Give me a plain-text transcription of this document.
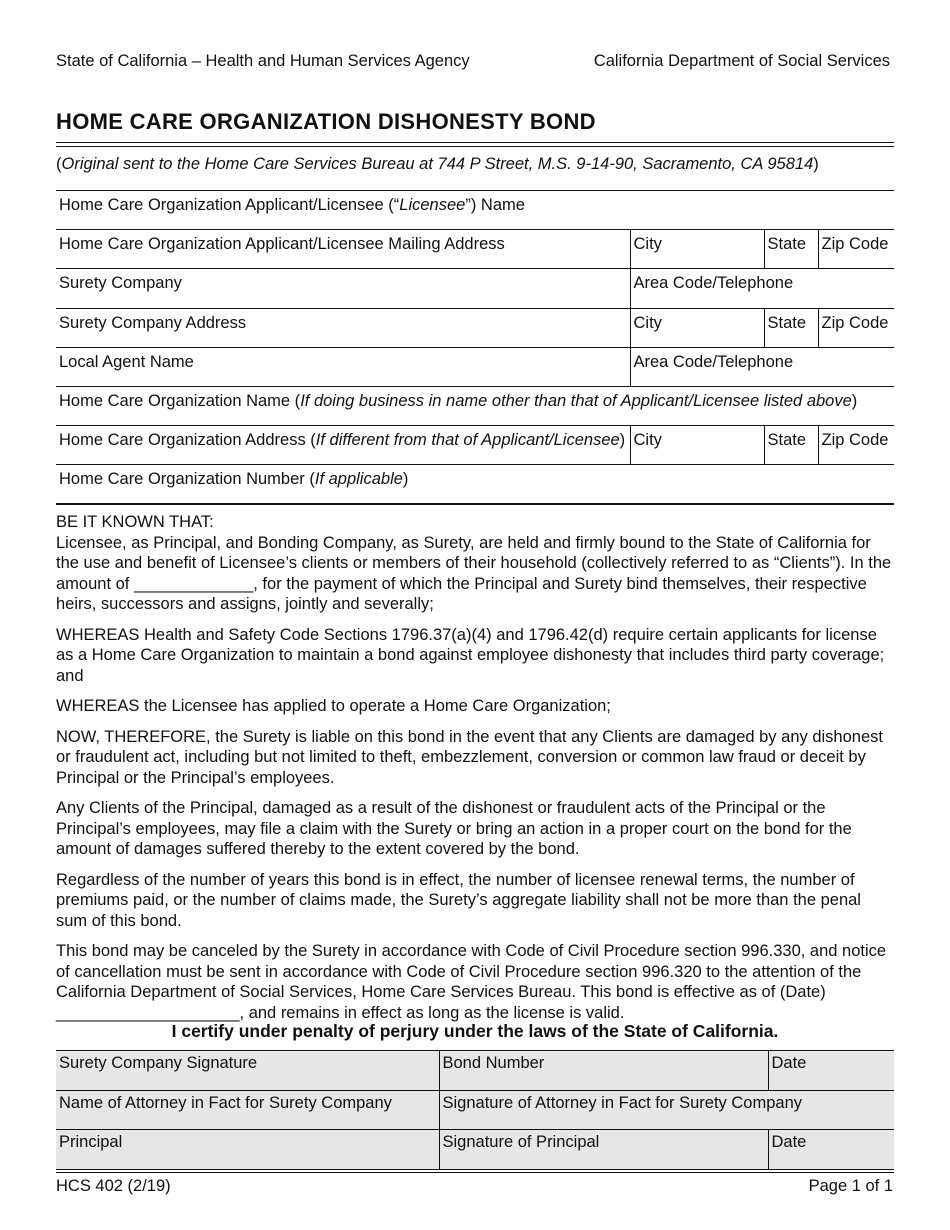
State of California – Health and Human Services Agency	California Department of Social Services
HOME CARE ORGANIZATION DISHONESTY BOND
(Original sent to the Home Care Services Bureau at 744 P Street, M.S. 9-14-90, Sacramento, CA 95814)
Home Care Organization Applicant/Licensee (“Licensee”) Name			
Home Care Organization Applicant/Licensee Mailing Address	City	State	Zip Code
Surety Company	Area Code/Telephone		
Surety Company Address	City	State	Zip Code
Local Agent Name	Area Code/Telephone		
Home Care Organization Name (If doing business in name other than that of Applicant/Licensee listed above)			
Home Care Organization Address (If different from that of Applicant/Licensee)	City	State	Zip Code
Home Care Organization Number (If applicable)			
BE IT KNOWN THAT:

Licensee, as Principal, and Bonding Company, as Surety, are held and firmly bound to the State of California for the use and benefit of Licensee’s clients or members of their household (collectively referred to as “Clients”). In the amount of _____________, for the payment of which the Principal and Surety bind themselves, their respective heirs, successors and assigns, jointly and severally;

WHEREAS Health and Safety Code Sections 1796.37(a)(4) and 1796.42(d) require certain applicants for license as a Home Care Organization to maintain a bond against employee dishonesty that includes third party coverage; and

WHEREAS the Licensee has applied to operate a Home Care Organization;

NOW, THEREFORE, the Surety is liable on this bond in the event that any Clients are damaged by any dishonest or fraudulent act, including but not limited to theft, embezzlement, conversion or common law fraud or deceit by Principal or the Principal’s employees.

Any Clients of the Principal, damaged as a result of the dishonest or fraudulent acts of the Principal or the Principal’s employees, may file a claim with the Surety or bring an action in a proper court on the bond for the amount of damages suffered thereby to the extent covered by the bond.

Regardless of the number of years this bond is in effect, the number of licensee renewal terms, the number of premiums paid, or the number of claims made, the Surety’s aggregate liability shall not be more than the penal sum of this bond.

This bond may be canceled by the Surety in accordance with Code of Civil Procedure section 996.330, and notice of cancellation must be sent in accordance with Code of Civil Procedure section 996.320 to the attention of the California Department of Social Services, Home Care Services Bureau. This bond is effective as of (Date) ____________________, and remains in effect as long as the license is valid.

I certify under penalty of perjury under the laws of the State of California.
Surety Company Signature	Bond Number	Date
Name of Attorney in Fact for Surety Company	Signature of Attorney in Fact for Surety Company	
Principal	Signature of Principal	Date
HCS 402 (2/19)	Page 1 of 1
